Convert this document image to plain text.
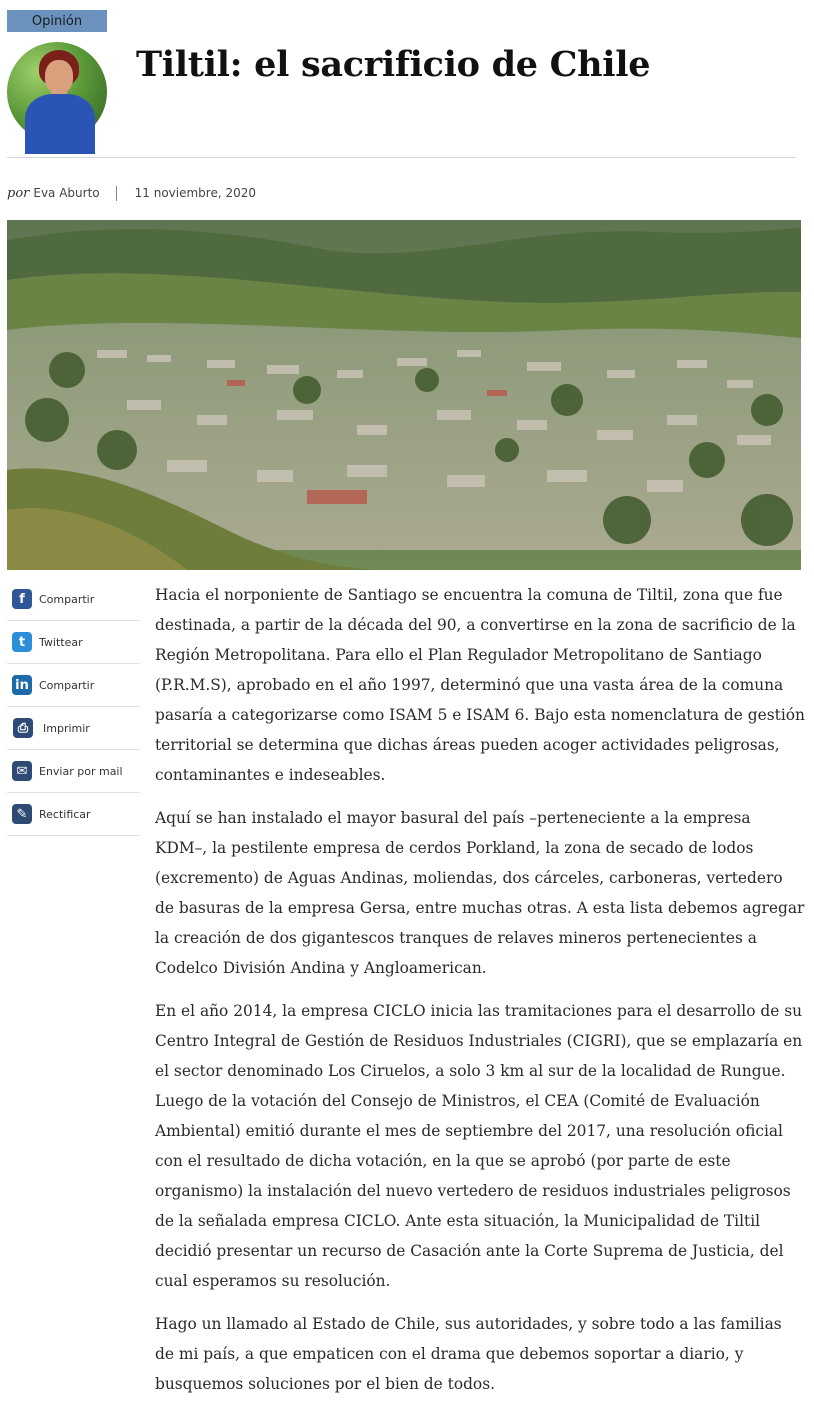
Opinión
Tiltil: el sacrificio de Chile
por Eva Aburto	11 noviembre, 2020
f	Compartir
t	Twittear
in Compartir
⎙	Imprimir
✉	Enviar por mail
✎	Rectificar

Hacia el norponiente de Santiago se encuentra la comuna de Tiltil, zona que fue destinada, a partir de la década del 90, a convertirse en la zona de sacrificio de la Región Metropolitana. Para ello el Plan Regulador Metropolitano de Santiago (P.R.M.S), aprobado en el año 1997, determinó que una vasta área de la comuna pasaría a categorizarse como ISAM 5 e ISAM 6. Bajo esta nomenclatura de gestión territorial se determina que dichas áreas pueden acoger actividades peligrosas, contaminantes e indeseables.

Aquí se han instalado el mayor basural del país –perteneciente a la empresa KDM–, la pestilente empresa de cerdos Porkland, la zona de secado de lodos (excremento) de Aguas Andinas, moliendas, dos cárceles, carboneras, vertedero de basuras de la empresa Gersa, entre muchas otras. A esta lista debemos agregar la creación de dos gigantescos tranques de relaves mineros pertenecientes a Codelco División Andina y Angloamerican.

En el año 2014, la empresa CICLO inicia las tramitaciones para el desarrollo de su Centro Integral de Gestión de Residuos Industriales (CIGRI), que se emplazaría en el sector denominado Los Ciruelos, a solo 3 km al sur de la localidad de Rungue. Luego de la votación del Consejo de Ministros, el CEA (Comité de Evaluación Ambiental) emitió durante el mes de septiembre del 2017, una resolución oficial con el resultado de dicha votación, en la que se aprobó (por parte de este organismo) la instalación del nuevo vertedero de residuos industriales peligrosos de la señalada empresa CICLO. Ante esta situación, la Municipalidad de Tiltil decidió presentar un recurso de Casación ante la Corte Suprema de Justicia, del cual esperamos su resolución.

Hago un llamado al Estado de Chile, sus autoridades, y sobre todo a las familias de mi país, a que empaticen con el drama que debemos soportar a diario, y busquemos soluciones por el bien de todos.
